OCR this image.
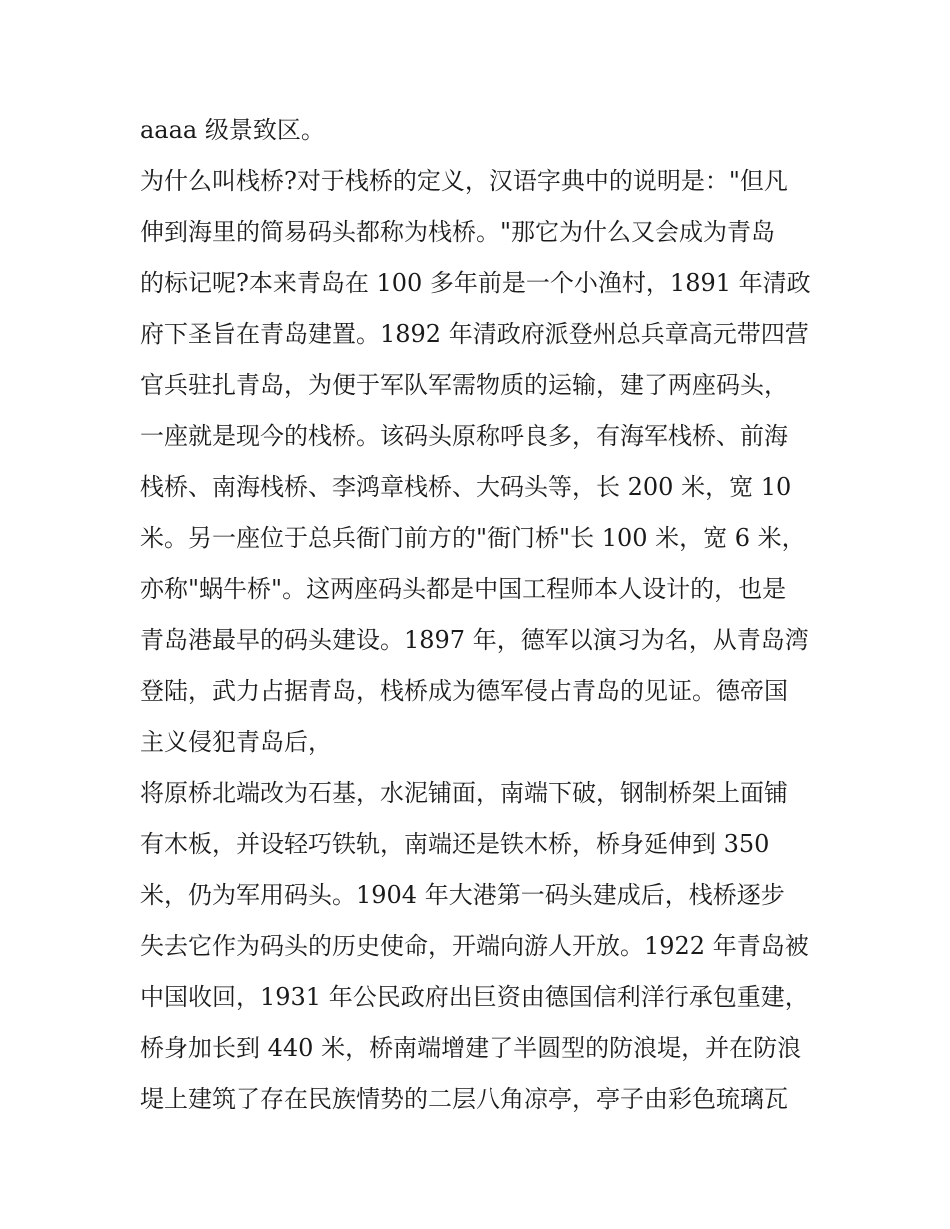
aaaa 级景致区。
为什么叫栈桥?对于栈桥的定义，汉语字典中的说明是："但凡
伸到海里的简易码头都称为栈桥。"那它为什么又会成为青岛
的标记呢?本来青岛在 100 多年前是一个小渔村，1891 年清政
府下圣旨在青岛建置。1892 年清政府派登州总兵章高元带四营
官兵驻扎青岛，为便于军队军需物质的运输，建了两座码头，
一座就是现今的栈桥。该码头原称呼良多，有海军栈桥、前海
栈桥、南海栈桥、李鸿章栈桥、大码头等，长 200 米，宽 10
米。另一座位于总兵衙门前方的"衙门桥"长 100 米，宽 6 米，
亦称"蜗牛桥"。这两座码头都是中国工程师本人设计的，也是
青岛港最早的码头建设。1897 年，德军以演习为名，从青岛湾
登陆，武力占据青岛，栈桥成为德军侵占青岛的见证。德帝国
主义侵犯青岛后，
将原桥北端改为石基，水泥铺面，南端下破，钢制桥架上面铺
有木板，并设轻巧铁轨，南端还是铁木桥，桥身延伸到 350
米，仍为军用码头。1904 年大港第一码头建成后，栈桥逐步
失去它作为码头的历史使命，开端向游人开放。1922 年青岛被
中国收回，1931 年公民政府出巨资由德国信利洋行承包重建，
桥身加长到 440 米，桥南端增建了半圆型的防浪堤，并在防浪
堤上建筑了存在民族情势的二层八角凉亭，亭子由彩色琉璃瓦
